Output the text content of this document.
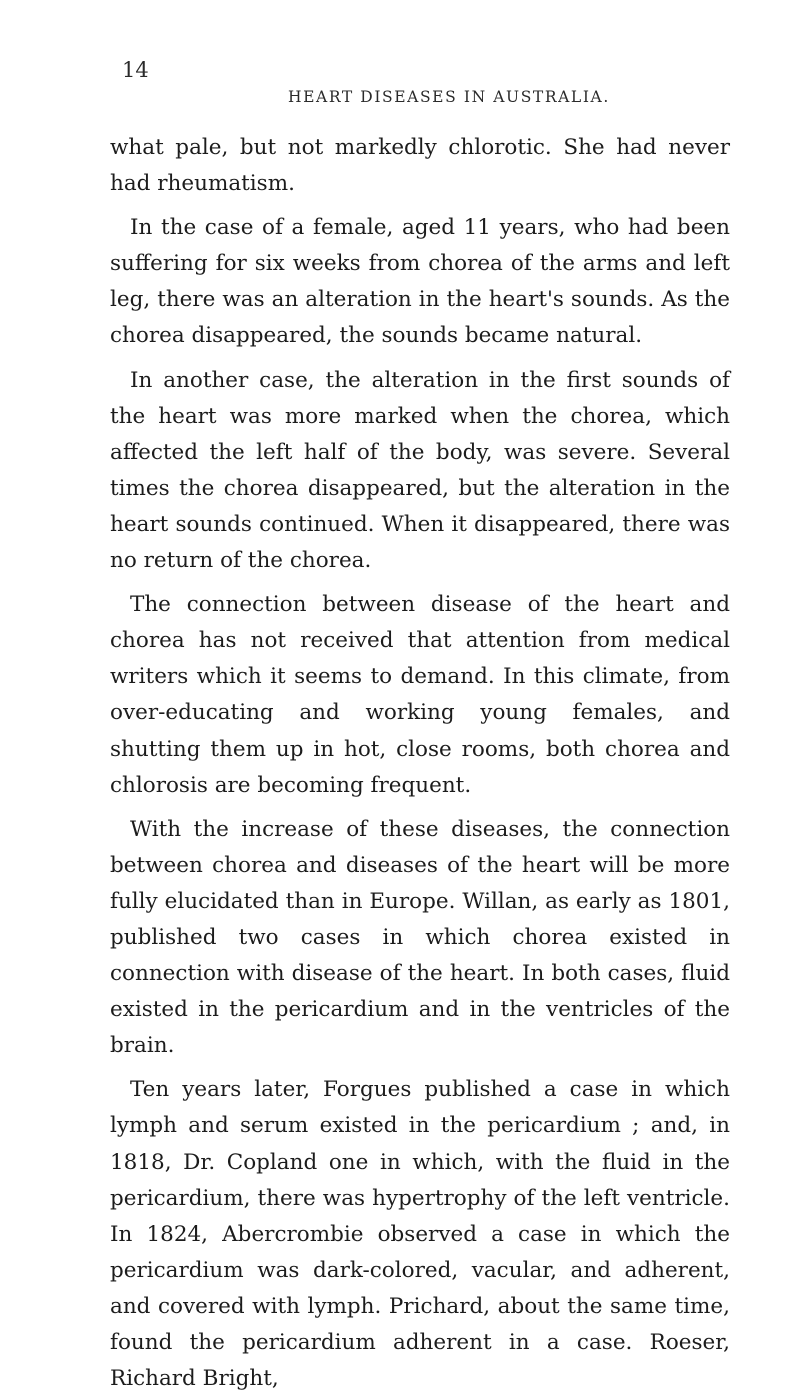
14
HEART DISEASES IN AUSTRALIA.

what pale, but not markedly chlorotic. She had never had rheumatism.

In the case of a female, aged 11 years, who had been suffering for six weeks from chorea of the arms and left leg, there was an alteration in the heart's sounds. As the chorea disappeared, the sounds became natural.

In another case, the alteration in the first sounds of the heart was more marked when the chorea, which affected the left half of the body, was severe. Several times the chorea disappeared, but the alteration in the heart sounds continued. When it disappeared, there was no return of the chorea.

The connection between disease of the heart and chorea has not received that attention from medical writers which it seems to demand. In this climate, from over-educating and working young females, and shutting them up in hot, close rooms, both chorea and chlorosis are becoming frequent.

With the increase of these diseases, the connection between chorea and diseases of the heart will be more fully elucidated than in Europe. Willan, as early as 1801, published two cases in which chorea existed in connection with disease of the heart. In both cases, fluid existed in the pericardium and in the ventricles of the brain.

Ten years later, Forgues published a case in which lymph and serum existed in the pericardium ; and, in 1818, Dr. Copland one in which, with the fluid in the pericardium, there was hypertrophy of the left ventricle. In 1824, Abercrombie observed a case in which the pericardium was dark-colored, vacular, and adherent, and covered with lymph. Prichard, about the same time, found the pericardium adherent in a case. Roeser, Richard Bright,
